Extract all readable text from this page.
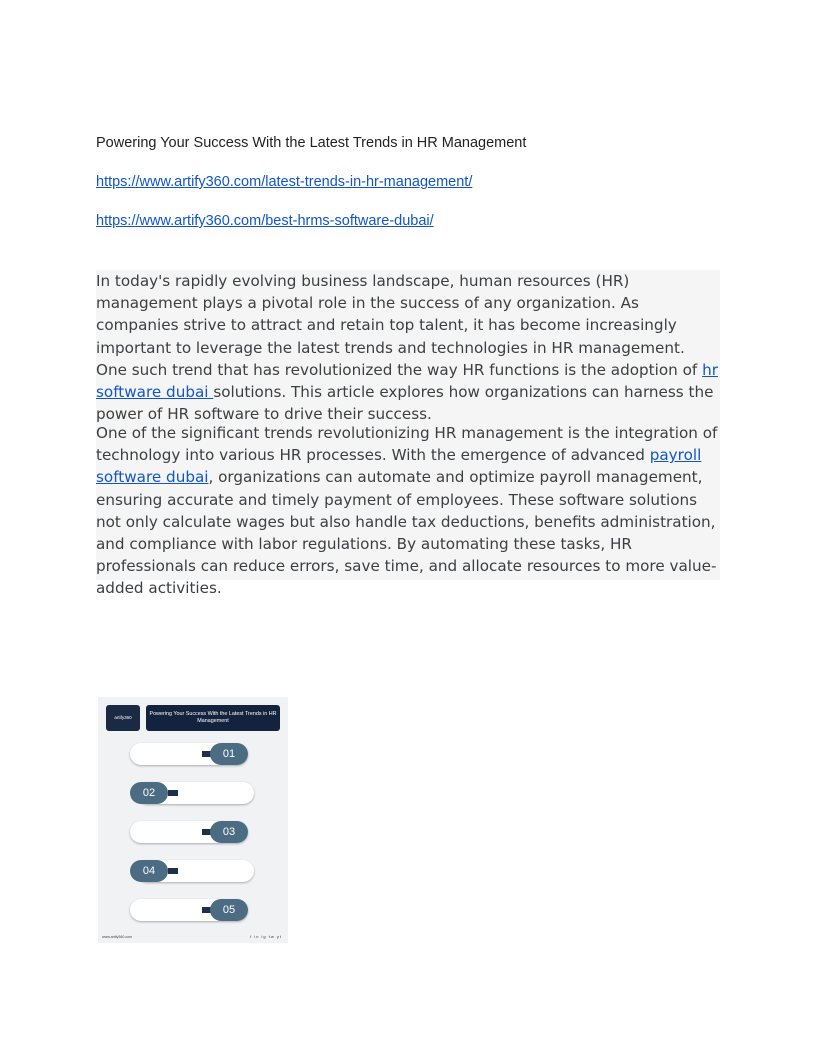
Powering Your Success With the Latest Trends in HR Management
https://www.artify360.com/latest-trends-in-hr-management/
https://www.artify360.com/best-hrms-software-dubai/

In today's rapidly evolving business landscape, human resources (HR) management plays a pivotal role in the success of any organization. As companies strive to attract and retain top talent, it has become increasingly important to leverage the latest trends and technologies in HR management. One such trend that has revolutionized the way HR functions is the adoption of hr software dubai solutions. This article explores how organizations can harness the power of HR software to drive their success.

One of the significant trends revolutionizing HR management is the integration of technology into various HR processes. With the emergence of advanced payroll software dubai, organizations can automate and optimize payroll management, ensuring accurate and timely payment of employees. These software solutions not only calculate wages but also handle tax deductions, benefits administration, and compliance with labor regulations. By automating these tasks, HR professionals can reduce errors, save time, and allocate resources to more value-added activities.

artify360
Powering Your Success With the Latest Trends in HR Management
01
02
03
04
05
www.artify360.com	f in ig tw yt
